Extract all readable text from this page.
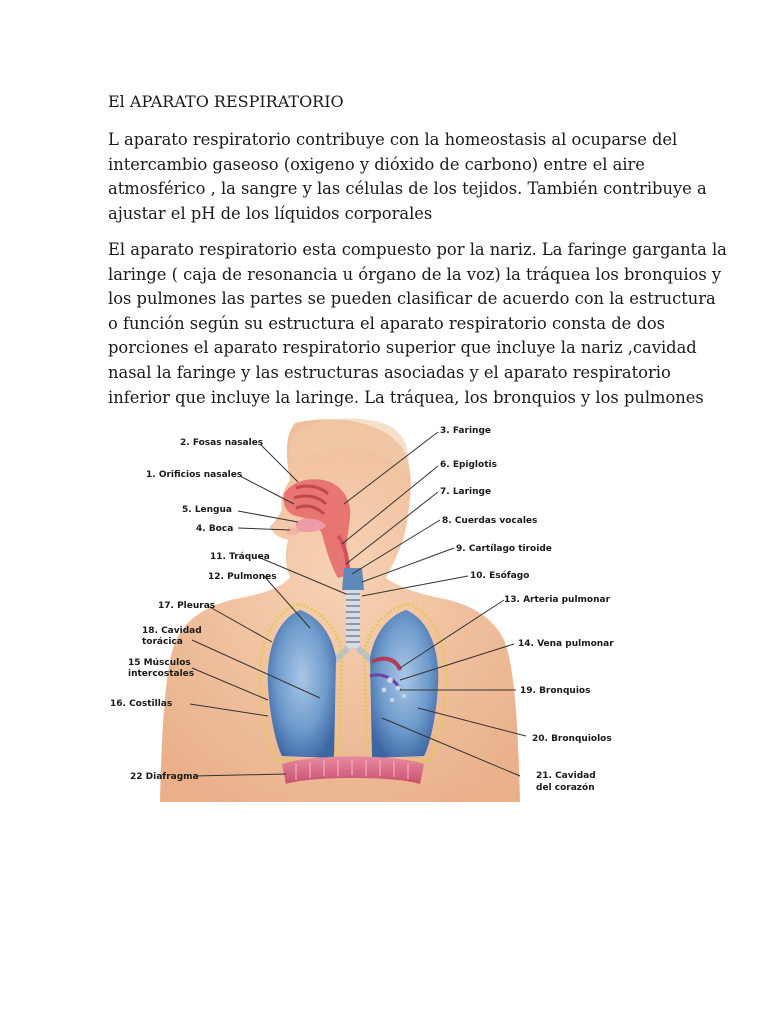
El APARATO RESPIRATORIO
L aparato respiratorio contribuye con la homeostasis al ocuparse del
intercambio gaseoso (oxigeno y dióxido de carbono) entre el aire
atmosférico , la sangre y las células de los tejidos. También contribuye a
ajustar el pH de los líquidos corporales
El aparato respiratorio esta compuesto por la nariz. La faringe garganta la
laringe ( caja de resonancia u órgano de la voz) la tráquea los bronquios y
los pulmones las partes se pueden clasificar de acuerdo con la estructura
o función según su estructura el aparato respiratorio consta de dos
porciones el aparato respiratorio superior que incluye la nariz ,cavidad
nasal la faringe y las estructuras asociadas y el aparato respiratorio
inferior que incluye la laringe. La tráquea, los bronquios y los pulmones
2. Fosas nasales
1. Orificios nasales
5. Lengua
4. Boca
11. Tráquea
12. Pulmones
17. Pleuras
18. Cavidad
torácica
15 Músculos
intercostales
16. Costillas
22 Diafragma
3. Faringe
6. Epiglotis
7. Laringe
8. Cuerdas vocales
9. Cartílago tiroide
10. Esófago
13. Arteria pulmonar
14. Vena pulmonar
19. Bronquios
20. Bronquiolos
21. Cavidad
del corazón
